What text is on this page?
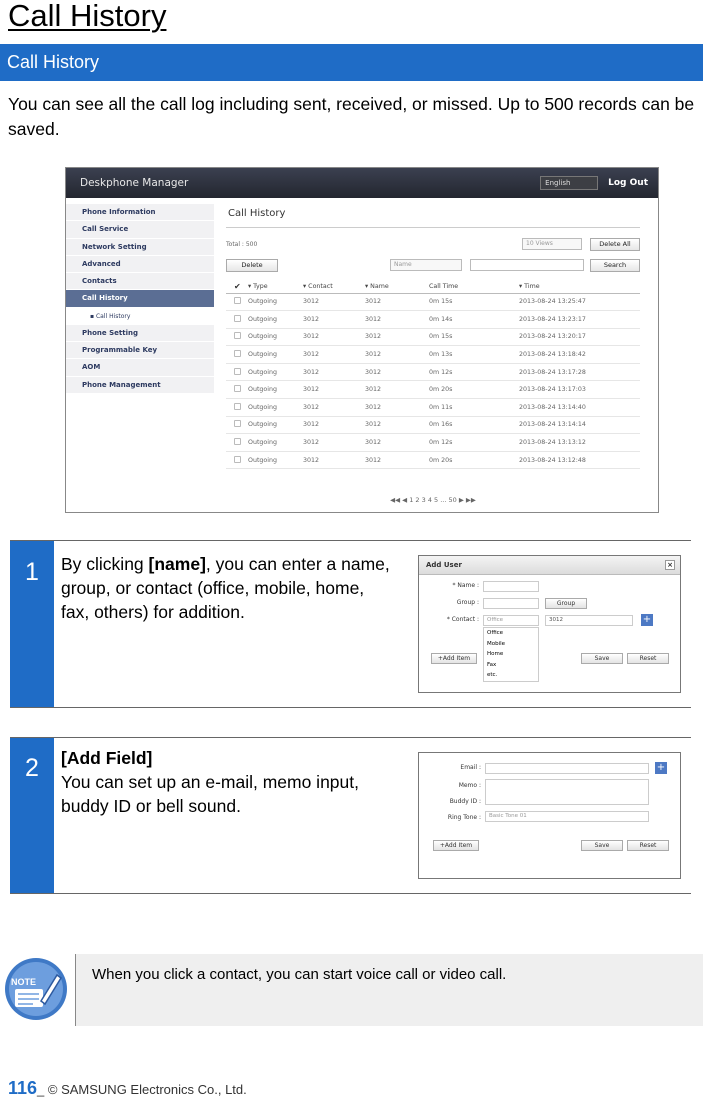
Call History
Call History
You can see all the call log including sent, received, or missed. Up to 500 records can be saved.
Deskphone Manager	English	Log Out
Phone Information
Call Service
Network Setting
Advanced
Contacts
Call History
▪ Call History
Phone Setting
Programmable Key
AOM
Phone Management
Call History
Total : 500	10 Views	Delete All
Delete	Name	Search
✔	▾ Type	▾ Contact	▾ Name	Call Time	▾ Time
	Outgoing	3012	3012	0m 15s	2013-08-24 13:25:47
	Outgoing	3012	3012	0m 14s	2013-08-24 13:23:17
	Outgoing	3012	3012	0m 15s	2013-08-24 13:20:17
	Outgoing	3012	3012	0m 13s	2013-08-24 13:18:42
	Outgoing	3012	3012	0m 12s	2013-08-24 13:17:28
	Outgoing	3012	3012	0m 20s	2013-08-24 13:17:03
	Outgoing	3012	3012	0m 11s	2013-08-24 13:14:40
	Outgoing	3012	3012	0m 16s	2013-08-24 13:14:14
	Outgoing	3012	3012	0m 12s	2013-08-24 13:13:12
	Outgoing	3012	3012	0m 20s	2013-08-24 13:12:48
◀◀ ◀ 1 2 3 4 5 ... 50 ▶ ▶▶
1	By clicking [name], you can enter a name, group, or contact (office, mobile, home, fax, others) for addition.
Add User	×
* Name :
Group :	Group
* Contact :	Office	3012	+
Office
Mobile
Home
Fax
etc.
+Add Item	Save	Reset
2	[Add Field]
You can set up an e-mail, memo input, buddy ID or bell sound.
Email :	+
Memo :
Buddy ID :
Ring Tone :	Basic Tone 01
+Add Item	Save	Reset
NOTE	When you click a contact, you can start voice call or video call.
116_ © SAMSUNG Electronics Co., Ltd.
